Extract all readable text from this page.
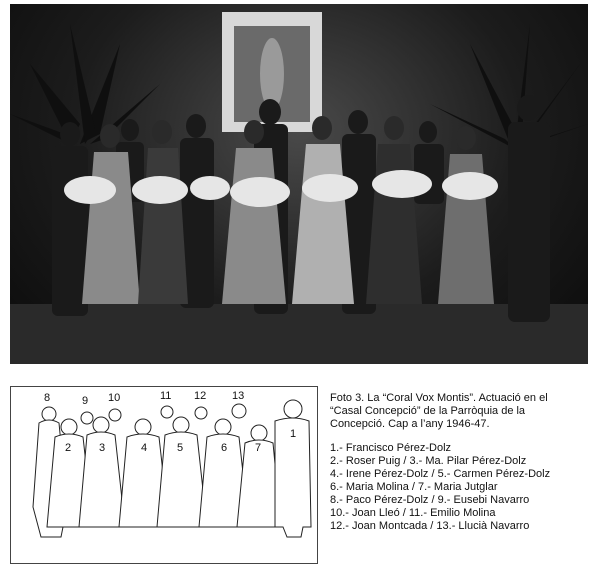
8	9 10	11 12 13
2	3	4	5	6	7
1
Foto 3. La “Coral Vox Montis”. Actuació en el
“Casal Concepció” de la Parròquia de la
Concepció. Cap a l’any 1946-47.
1.- Francisco Pérez-Dolz
2.- Roser Puig / 3.- Ma. Pilar Pérez-Dolz
4.- Irene Pérez-Dolz / 5.- Carmen Pérez-Dolz
6.- Maria Molina / 7.- Maria Jutglar
8.- Paco Pérez-Dolz / 9.- Eusebi Navarro
10.- Joan Lleó / 11.- Emilio Molina
12.- Joan Montcada / 13.- Llucià Navarro
